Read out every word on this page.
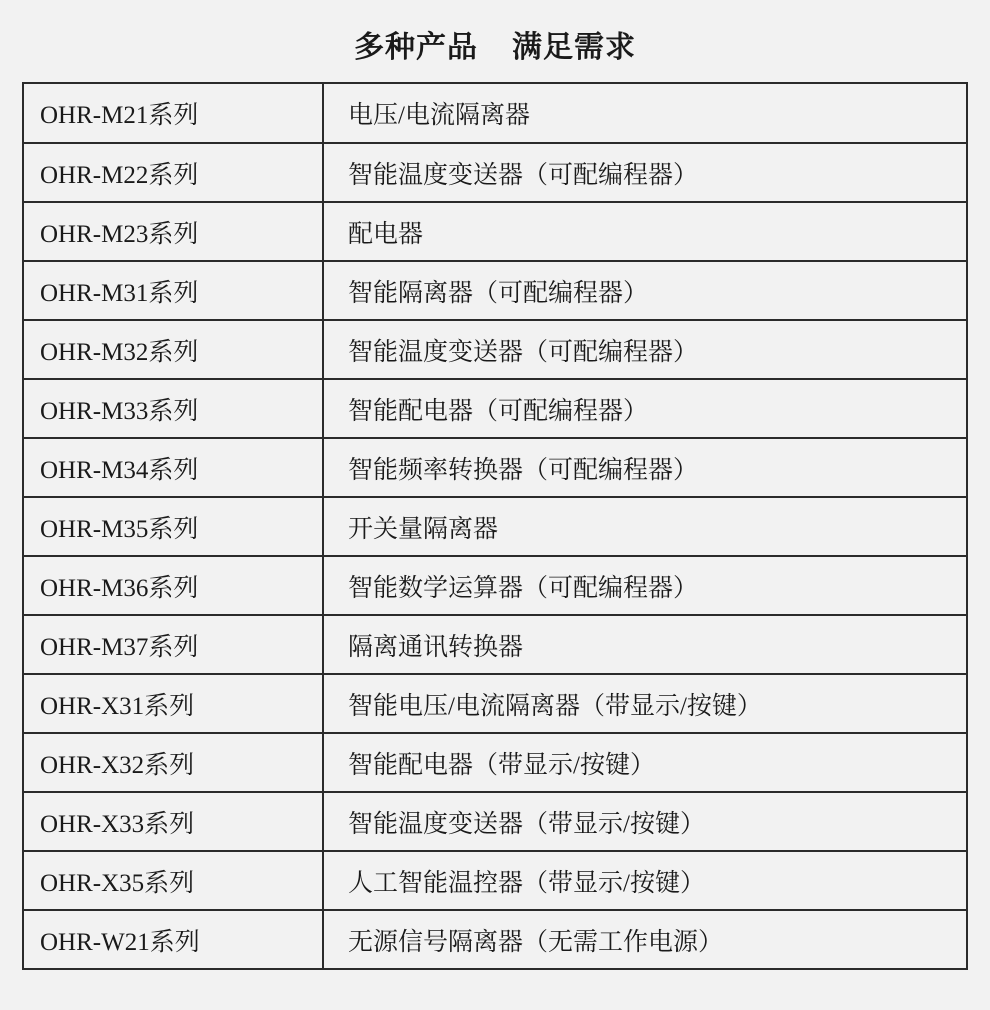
多种产品 满足需求
OHR-M21系列	电压/电流隔离器
OHR-M22系列	智能温度变送器（可配编程器）
OHR-M23系列	配电器
OHR-M31系列	智能隔离器（可配编程器）
OHR-M32系列	智能温度变送器（可配编程器）
OHR-M33系列	智能配电器（可配编程器）
OHR-M34系列	智能频率转换器（可配编程器）
OHR-M35系列	开关量隔离器
OHR-M36系列	智能数学运算器（可配编程器）
OHR-M37系列	隔离通讯转换器
OHR-X31系列	智能电压/电流隔离器（带显示/按键）
OHR-X32系列	智能配电器（带显示/按键）
OHR-X33系列	智能温度变送器（带显示/按键）
OHR-X35系列	人工智能温控器（带显示/按键）
OHR-W21系列	无源信号隔离器（无需工作电源）
